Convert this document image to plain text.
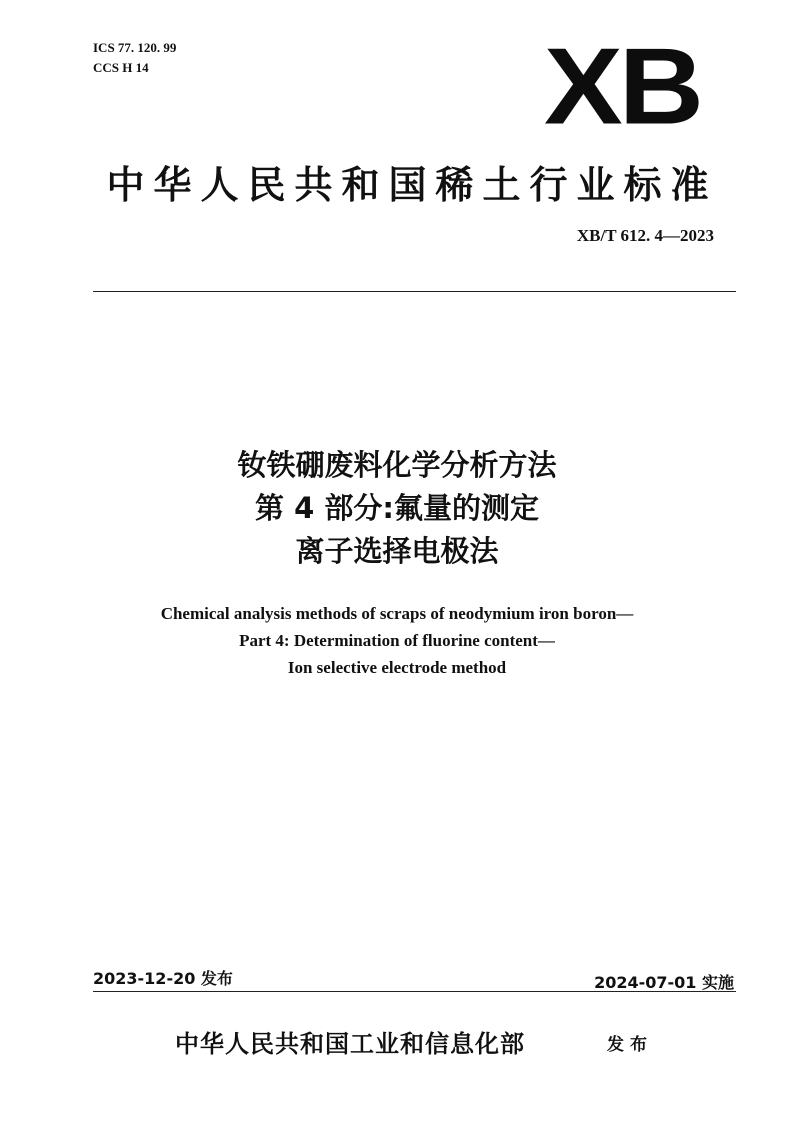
ICS 77. 120. 99
CCS H 14	XB
中华人民共和国稀土行业标准
XB/T 612. 4—2023
钕铁硼废料化学分析方法
第 4 部分:氟量的测定
离子选择电极法
Chemical analysis methods of scraps of neodymium iron boron—
Part 4: Determination of fluorine content—
Ion selective electrode method
2023-12-20 发布	2024-07-01 实施
中华人民共和国工业和信息化部	发布
